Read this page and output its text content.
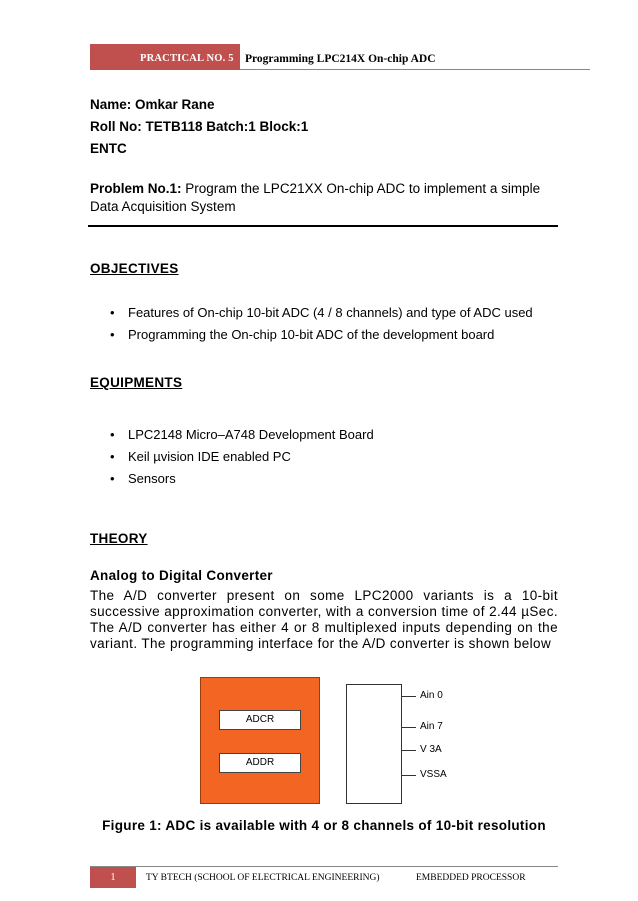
PRACTICAL NO. 5 Programming LPC214X On-chip ADC
Name: Omkar Rane
Roll No: TETB118 Batch:1 Block:1
ENTC
Problem No.1: Program the LPC21XX On-chip ADC to implement a simple Data Acquisition System
OBJECTIVES
• Features of On-chip 10-bit ADC (4 / 8 channels) and type of ADC used
• Programming the On-chip 10-bit ADC of the development board
EQUIPMENTS
• LPC2148 Micro–A748 Development Board
• Keil µvision IDE enabled PC
• Sensors
THEORY
Analog to Digital Converter
The A/D converter present on some LPC2000 variants is a 10-bit successive approximation converter, with a conversion time of 2.44 µSec. The A/D converter has either 4 or 8 multiplexed inputs depending on the variant. The programming interface for the A/D converter is shown below
ADCR
ADDR
Ain 0
Ain 7
V 3A
VSSA
Figure 1: ADC is available with 4 or 8 channels of 10-bit resolution
1	TY BTECH (SCHOOL OF ELECTRICAL ENGINEERING)	EMBEDDED PROCESSOR
